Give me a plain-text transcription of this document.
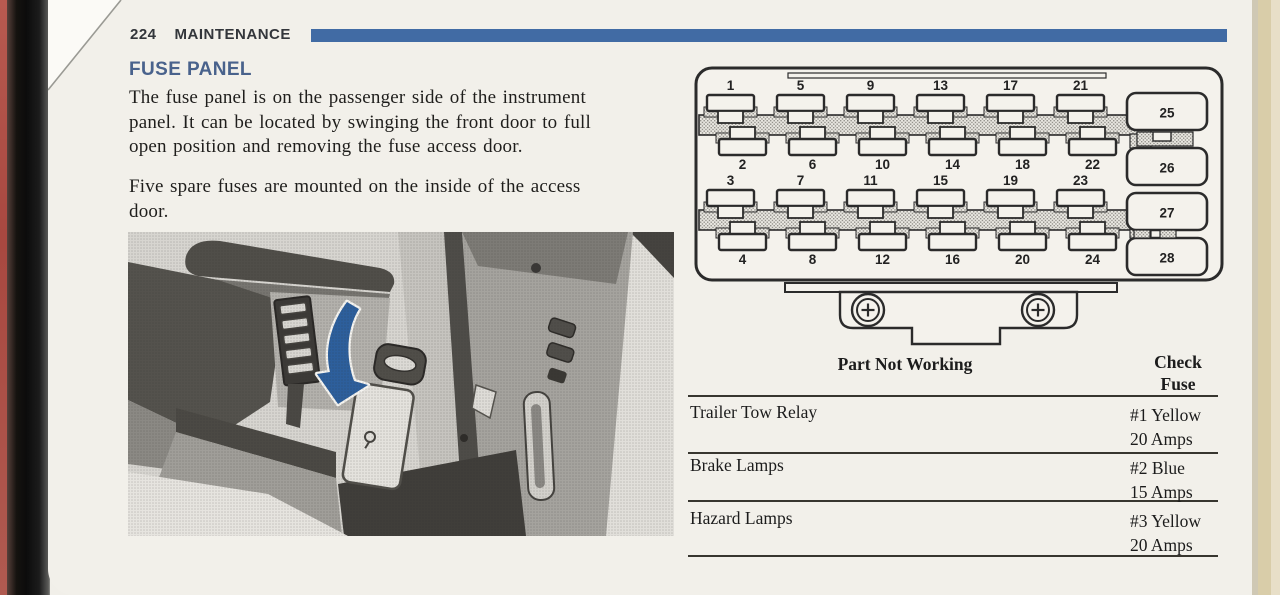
224 MAINTENANCE
FUSE PANEL
The fuse panel is on the passenger side of the instrument
panel. It can be located by swinging the front door to full
open position and removing the fuse access door.
Five spare fuses are mounted on the inside of the access
door.
1
2
5
6
9
10
13
14
17
18
21
22
3
4
7
8
11
12
15
16
19
20
23
24
25
26
27
28
Part Not Working	Check
Fuse
Trailer Tow Relay	#1 Yellow
20 Amps
Brake Lamps	#2 Blue
15 Amps
Hazard Lamps	#3 Yellow
20 Amps
